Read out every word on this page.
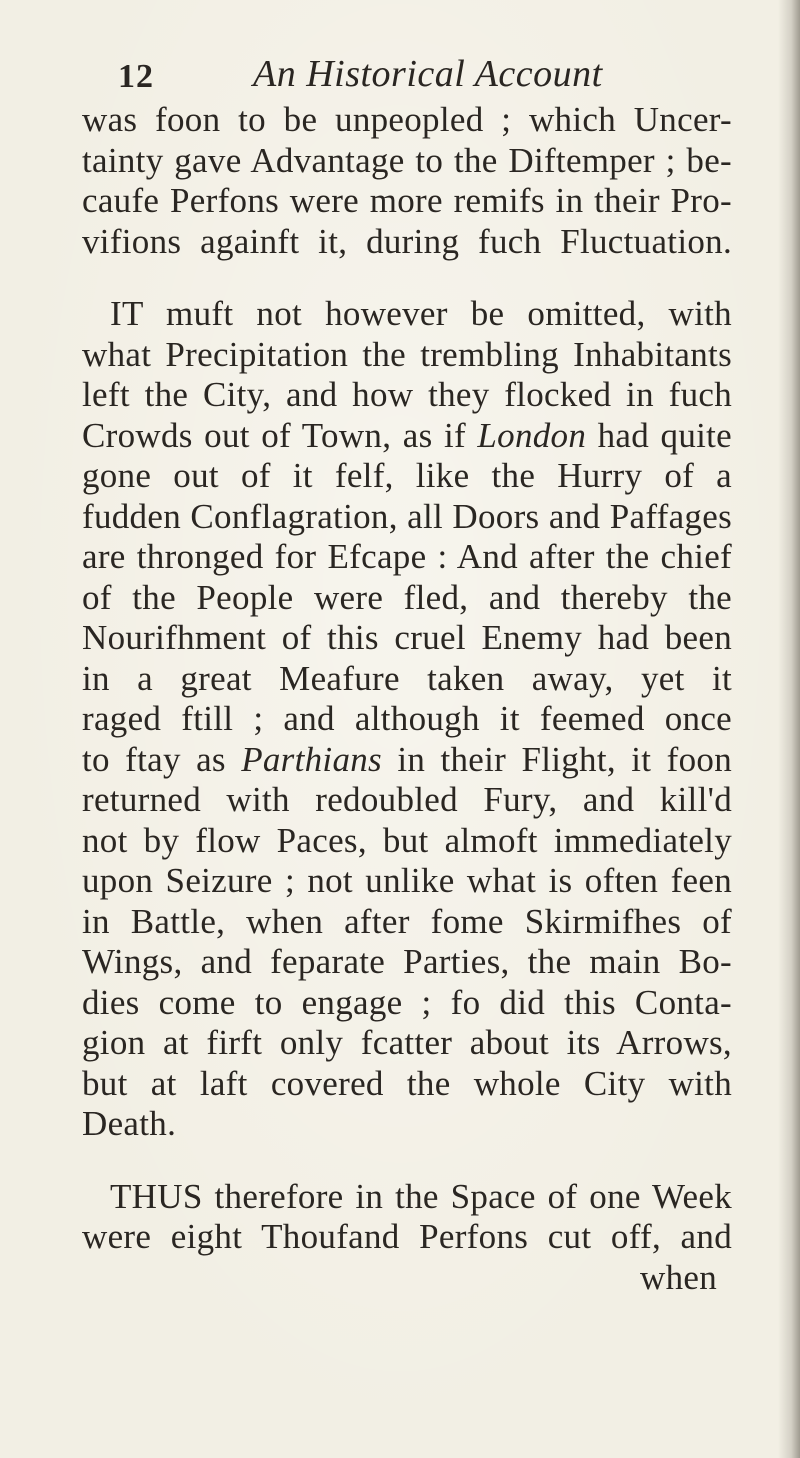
12	An Historical Account
was foon to be unpeopled ; which Uncer-
tainty gave Advantage to the Diftemper ; be-
caufe Perfons were more remifs in their Pro-
vifions againft it, during fuch Fluctuation.
IT muft not however be omitted, with
what Precipitation the trembling Inhabitants
left the City, and how they flocked in fuch
Crowds out of Town, as if London had quite
gone out of it felf, like the Hurry of a
fudden Conflagration, all Doors and Paffages
are thronged for Efcape : And after the chief
of the People were fled, and thereby the
Nourifhment of this cruel Enemy had been
in a great Meafure taken away, yet it
raged ftill ; and although it feemed once
to ftay as Parthians in their Flight, it foon
returned with redoubled Fury, and kill'd
not by flow Paces, but almoft immediately
upon Seizure ; not unlike what is often feen
in Battle, when after fome Skirmifhes of
Wings, and feparate Parties, the main Bo-
dies come to engage ; fo did this Conta-
gion at firft only fcatter about its Arrows,
but at laft covered the whole City with
Death.
THUS therefore in the Space of one Week
were eight Thoufand Perfons cut off, and
when
